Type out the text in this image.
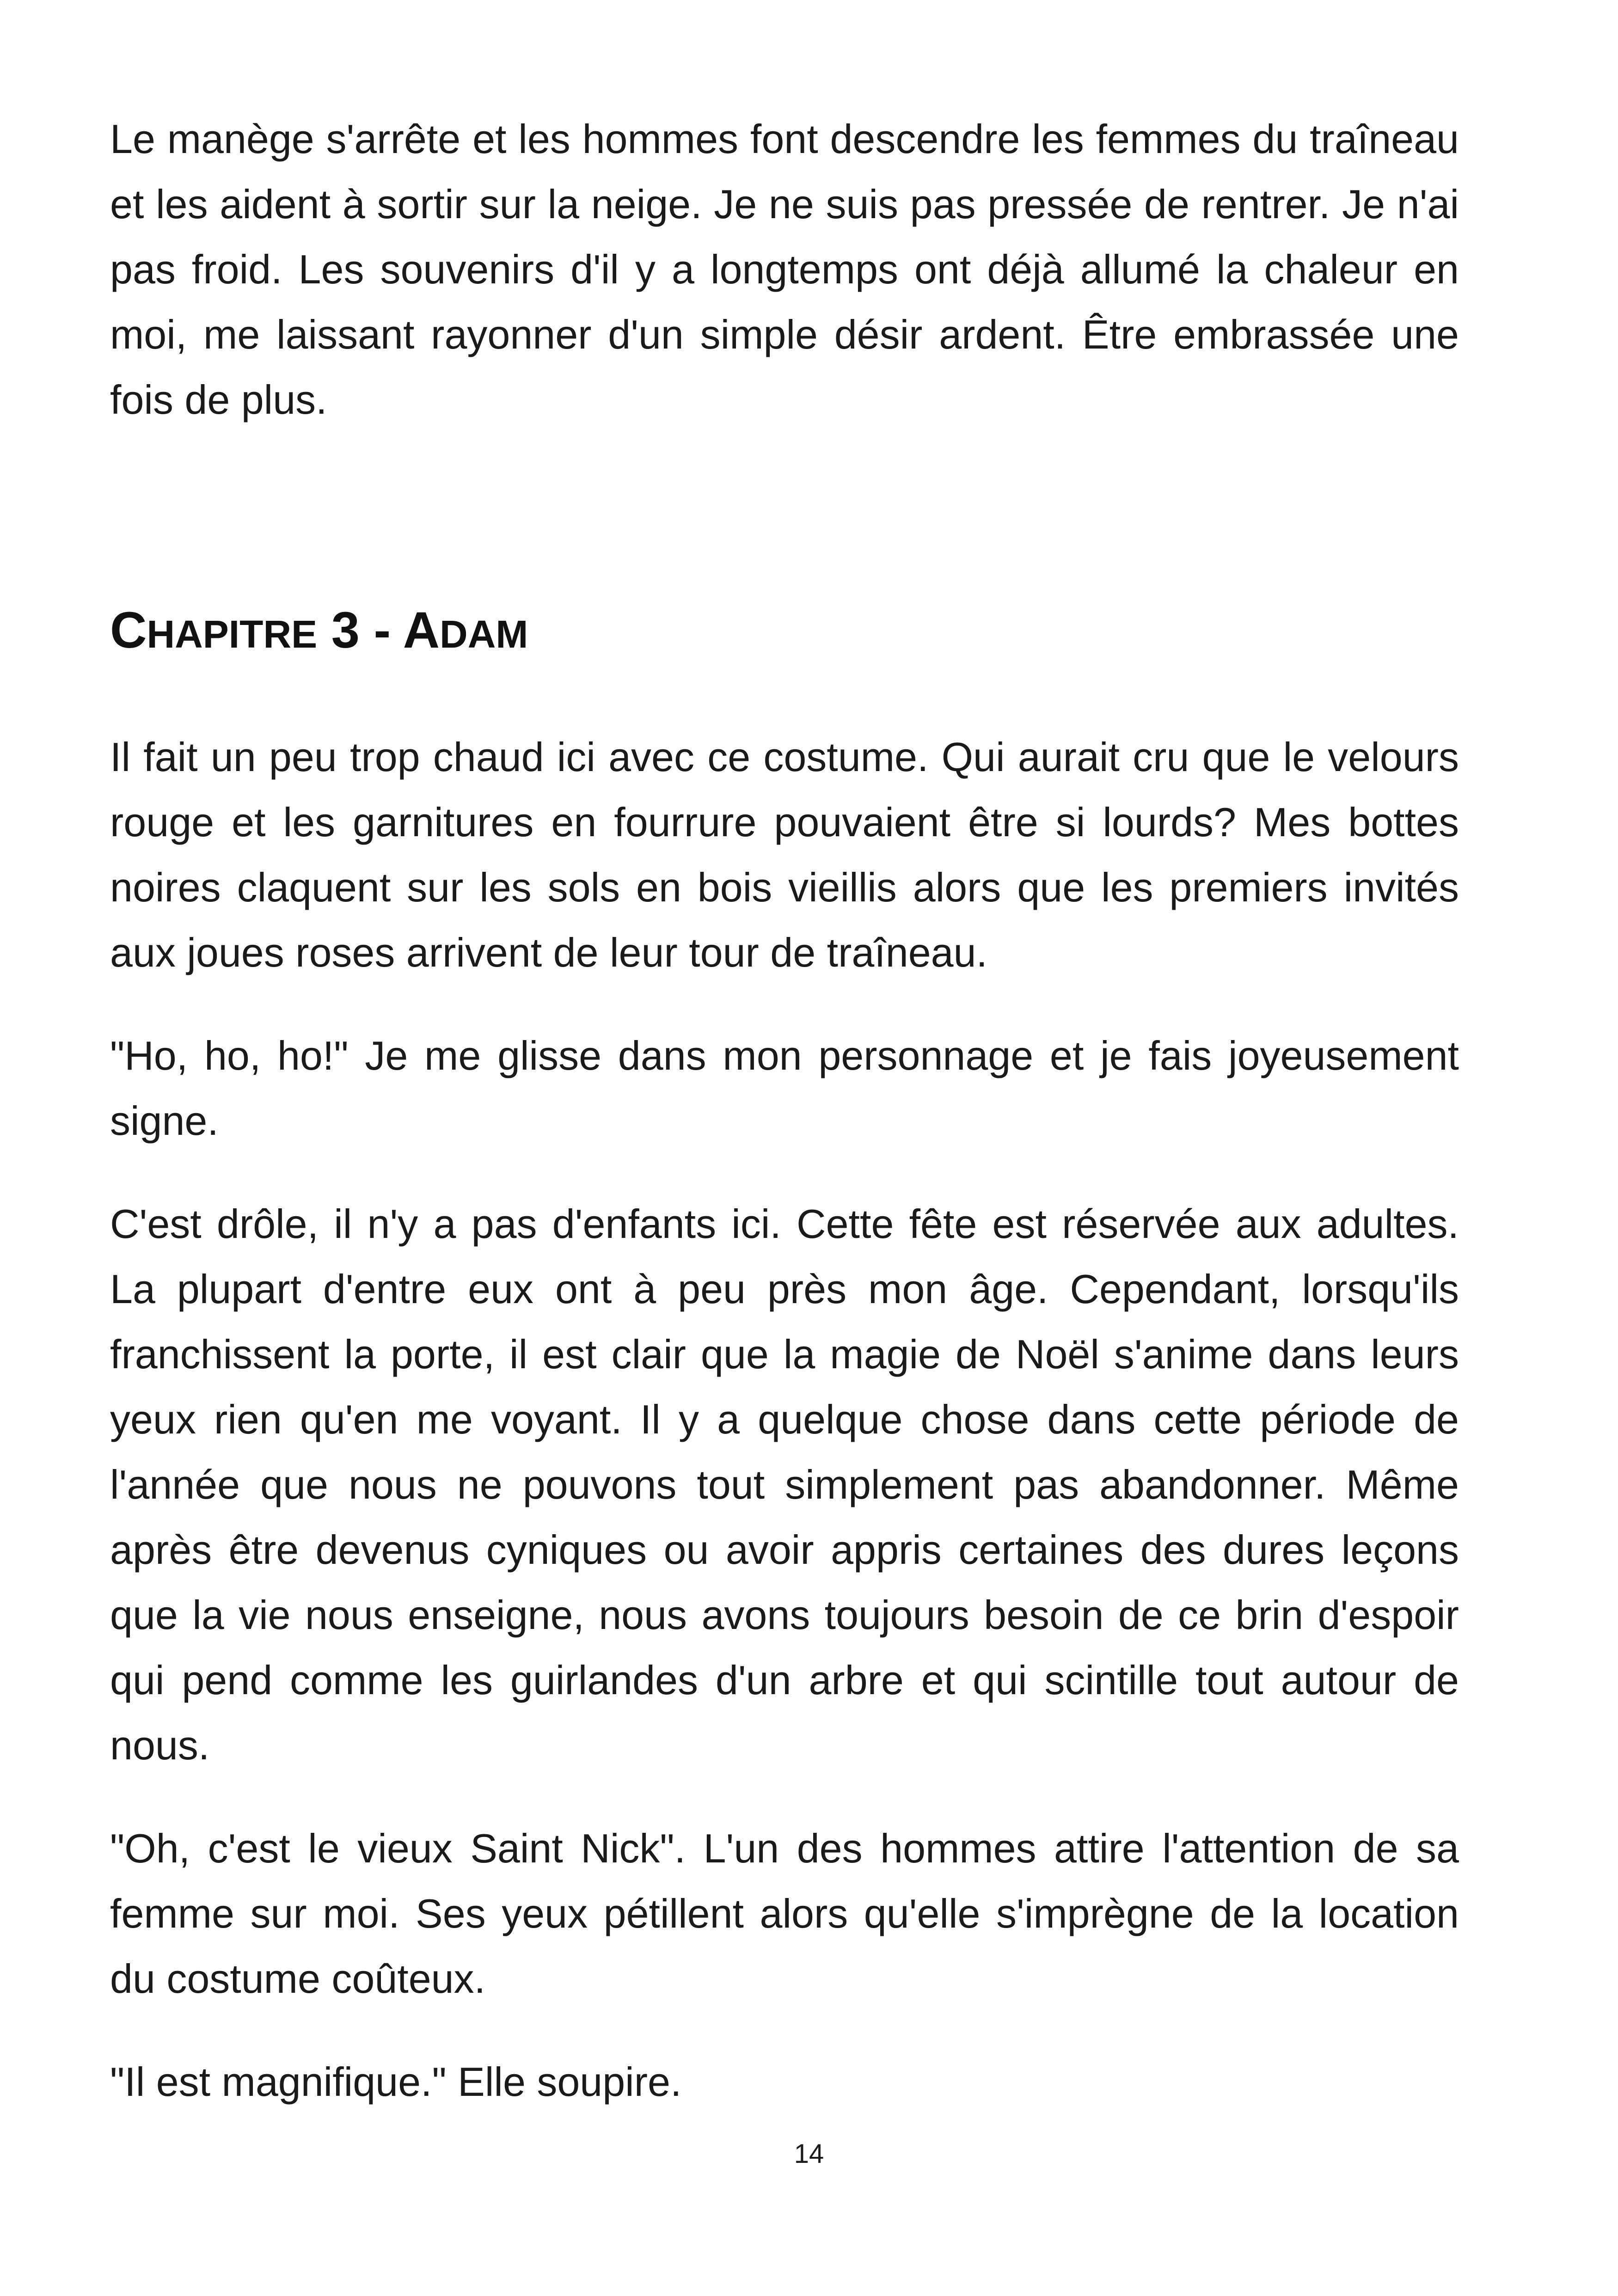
Le manège s'arrête et les hommes font descendre les femmes du traîneau et les aident à sortir sur la neige. Je ne suis pas pressée de rentrer. Je n'ai pas froid. Les souvenirs d'il y a longtemps ont déjà allumé la chaleur en moi, me laissant rayonner d'un simple désir ardent. Être embrassée une fois de plus.

CHAPITRE 3 - ADAM

Il fait un peu trop chaud ici avec ce costume. Qui aurait cru que le velours rouge et les garnitures en fourrure pouvaient être si lourds? Mes bottes noires claquent sur les sols en bois vieillis alors que les premiers invités aux joues roses arrivent de leur tour de traîneau.

"Ho, ho, ho!" Je me glisse dans mon personnage et je fais joyeusement signe.

C'est drôle, il n'y a pas d'enfants ici. Cette fête est réservée aux adultes. La plupart d'entre eux ont à peu près mon âge. Cependant, lorsqu'ils franchissent la porte, il est clair que la magie de Noël s'anime dans leurs yeux rien qu'en me voyant. Il y a quelque chose dans cette période de l'année que nous ne pouvons tout simplement pas abandonner. Même après être devenus cyniques ou avoir appris certaines des dures leçons que la vie nous enseigne, nous avons toujours besoin de ce brin d'espoir qui pend comme les guirlandes d'un arbre et qui scintille tout autour de nous.

"Oh, c'est le vieux Saint Nick". L'un des hommes attire l'attention de sa femme sur moi. Ses yeux pétillent alors qu'elle s'imprègne de la location du costume coûteux.

"Il est magnifique." Elle soupire.

14
